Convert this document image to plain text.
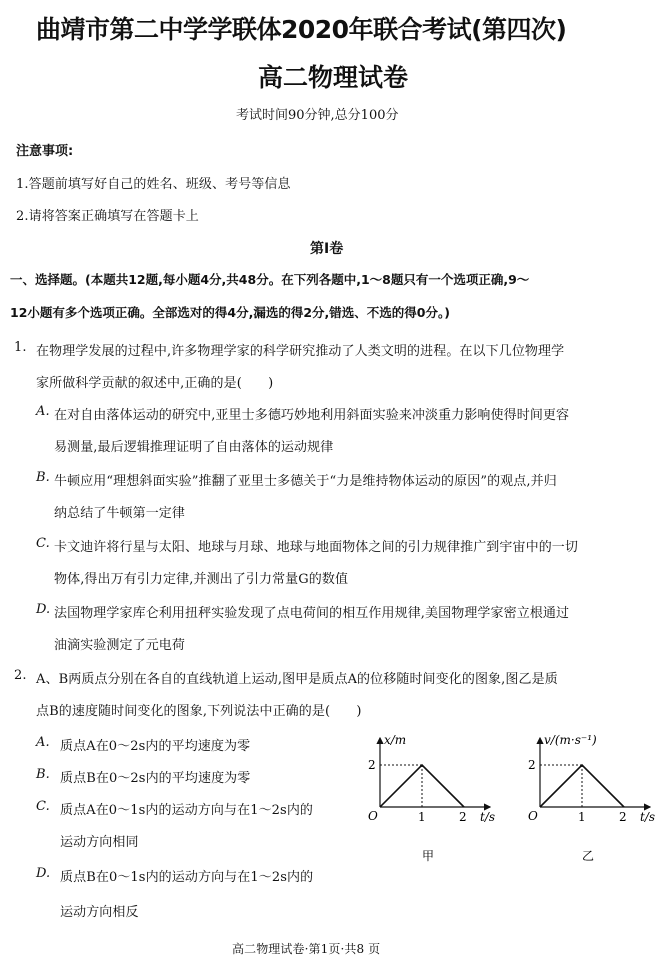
曲靖市第二中学学联体2020年联合考试(第四次)
高二物理试卷
考试时间90分钟,总分100分
注意事项:
1.答题前填写好自己的姓名、班级、考号等信息
2.请将答案正确填写在答题卡上
第Ⅰ卷
一、选择题。(本题共12题,每小题4分,共48分。在下列各题中,1～8题只有一个选项正确,9～
12小题有多个选项正确。全部选对的得4分,漏选的得2分,错选、不选的得0分。)
1. 在物理学发展的过程中,许多物理学家的科学研究推动了人类文明的进程。在以下几位物理学
家所做科学贡献的叙述中,正确的是(　　)
A. 在对自由落体运动的研究中,亚里士多德巧妙地利用斜面实验来冲淡重力影响使得时间更容
易测量,最后逻辑推理证明了自由落体的运动规律
B. 牛顿应用“理想斜面实验”推翻了亚里士多德关于“力是维持物体运动的原因”的观点,并归
纳总结了牛顿第一定律
C. 卡文迪许将行星与太阳、地球与月球、地球与地面物体之间的引力规律推广到宇宙中的一切
物体,得出万有引力定律,并测出了引力常量G的数值
D. 法国物理学家库仑利用扭秤实验发现了点电荷间的相互作用规律,美国物理学家密立根通过
油滴实验测定了元电荷
2. A、B两质点分别在各自的直线轨道上运动,图甲是质点A的位移随时间变化的图象,图乙是质
点B的速度随时间变化的图象,下列说法中正确的是(　　)
A. 质点A在0～2s内的平均速度为零
B. 质点B在0～2s内的平均速度为零
C. 质点A在0～1s内的运动方向与在1～2s内的
运动方向相同
D. 质点B在0～1s内的运动方向与在1～2s内的
运动方向相反
x/m
2
O	1	2 t/s
甲
v/(m·s⁻¹)
2
O	1	2 t/s
乙
高二物理试卷·第1页·共8 页
